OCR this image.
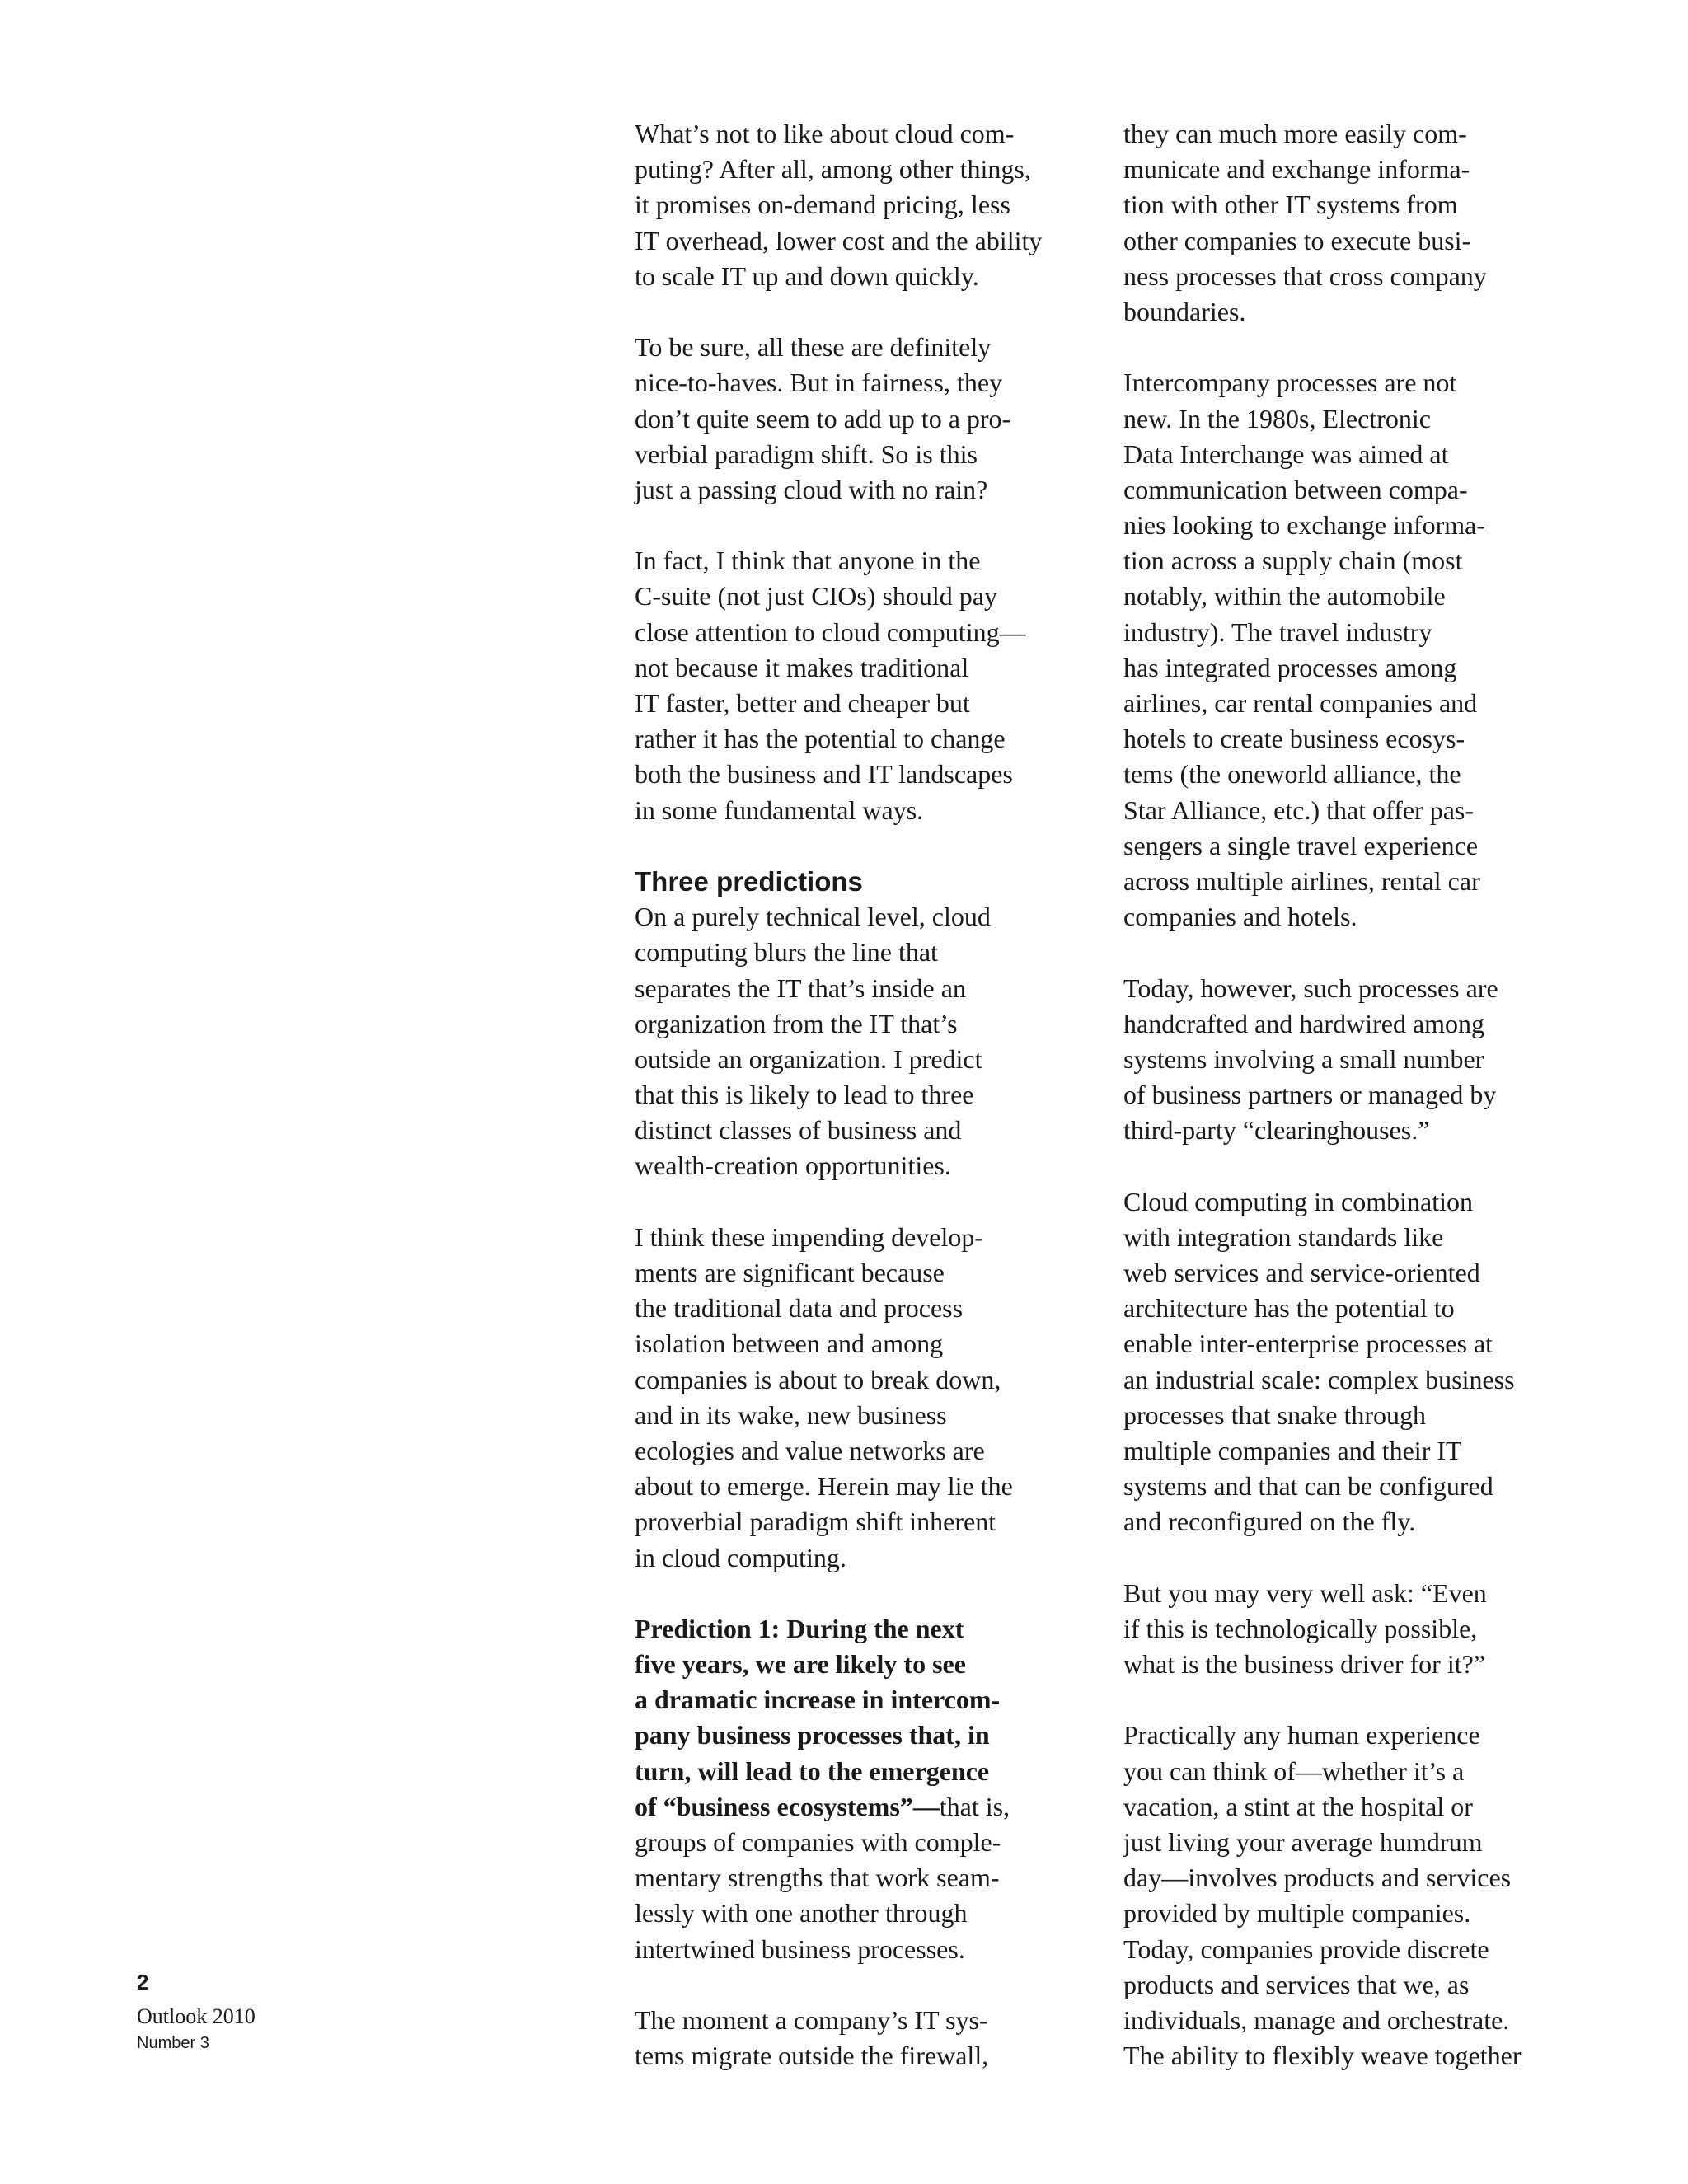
What’s not to like about cloud com-
puting? After all, among other things,
it promises on-demand pricing, less
IT overhead, lower cost and the ability
to scale IT up and down quickly.
To be sure, all these are definitely
nice-to-haves. But in fairness, they
don’t quite seem to add up to a pro-
verbial paradigm shift. So is this
just a passing cloud with no rain?
In fact, I think that anyone in the
C-suite (not just CIOs) should pay
close attention to cloud computing—
not because it makes traditional
IT faster, better and cheaper but
rather it has the potential to change
both the business and IT landscapes
in some fundamental ways.
Three predictions
On a purely technical level, cloud
computing blurs the line that
separates the IT that’s inside an
organization from the IT that’s
outside an organization. I predict
that this is likely to lead to three
distinct classes of business and
wealth-creation opportunities.
I think these impending develop-
ments are significant because
the traditional data and process
isolation between and among
companies is about to break down,
and in its wake, new business
ecologies and value networks are
about to emerge. Herein may lie the
proverbial paradigm shift inherent
in cloud computing.
Prediction 1: During the next
five years, we are likely to see
a dramatic increase in intercom-
pany business processes that, in
turn, will lead to the emergence
of “business ecosystems”—that is,
groups of companies with comple-
mentary strengths that work seam-
lessly with one another through
intertwined business processes.
The moment a company’s IT sys-
tems migrate outside the firewall,
they can much more easily com-
municate and exchange informa-
tion with other IT systems from
other companies to execute busi-
ness processes that cross company
boundaries.
Intercompany processes are not
new. In the 1980s, Electronic
Data Interchange was aimed at
communication between compa-
nies looking to exchange informa-
tion across a supply chain (most
notably, within the automobile
industry). The travel industry
has integrated processes among
airlines, car rental companies and
hotels to create business ecosys-
tems (the oneworld alliance, the
Star Alliance, etc.) that offer pas-
sengers a single travel experience
across multiple airlines, rental car
companies and hotels.
Today, however, such processes are
handcrafted and hardwired among
systems involving a small number
of business partners or managed by
third-party “clearinghouses.”
Cloud computing in combination
with integration standards like
web services and service-oriented
architecture has the potential to
enable inter-enterprise processes at
an industrial scale: complex business
processes that snake through
multiple companies and their IT
systems and that can be configured
and reconfigured on the fly.
But you may very well ask: “Even
if this is technologically possible,
what is the business driver for it?”
Practically any human experience
you can think of—whether it’s a
vacation, a stint at the hospital or
just living your average humdrum
day—involves products and services
provided by multiple companies.
Today, companies provide discrete
products and services that we, as
individuals, manage and orchestrate.
The ability to flexibly weave together
2
Outlook 2010
Number 3
